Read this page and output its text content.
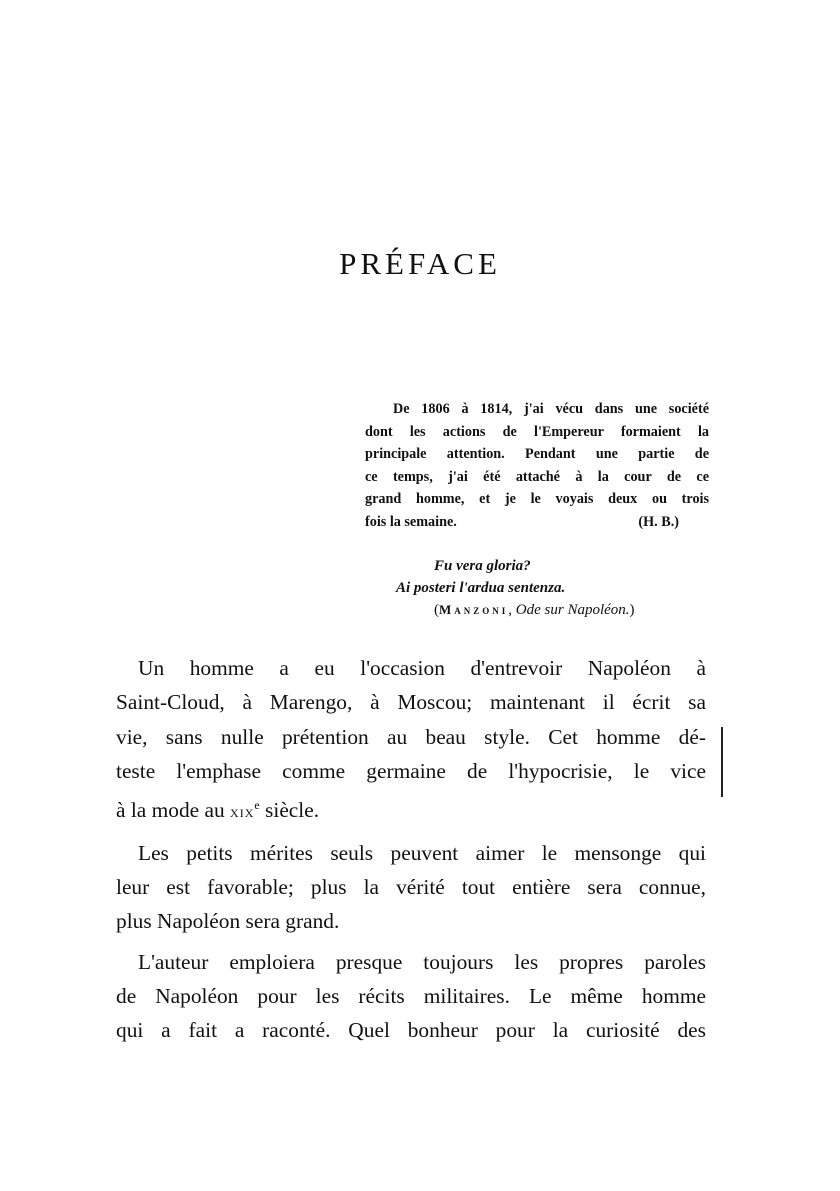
PRÉFACE
De 1806 à 1814, j'ai vécu dans une société
dont les actions de l'Empereur formaient la
principale attention. Pendant une partie de
ce temps, j'ai été attaché à la cour de ce
grand homme, et je le voyais deux ou trois
fois la semaine.	(H. B.)
Fu vera gloria?
Ai posteri l'ardua sentenza.
(Manzoni, Ode sur Napoléon.)

Un homme a eu l'occasion d'entrevoir Napoléon à
Saint-Cloud, à Marengo, à Moscou; maintenant il écrit sa
vie, sans nulle prétention au beau style. Cet homme dé-
teste l'emphase comme germaine de l'hypocrisie, le vice
à la mode au xix$^e$ siècle.

Les petits mérites seuls peuvent aimer le mensonge qui
leur est favorable; plus la vérité tout entière sera connue,
plus Napoléon sera grand.

L'auteur emploiera presque toujours les propres paroles
de Napoléon pour les récits militaires. Le même homme
qui a fait a raconté. Quel bonheur pour la curiosité des
